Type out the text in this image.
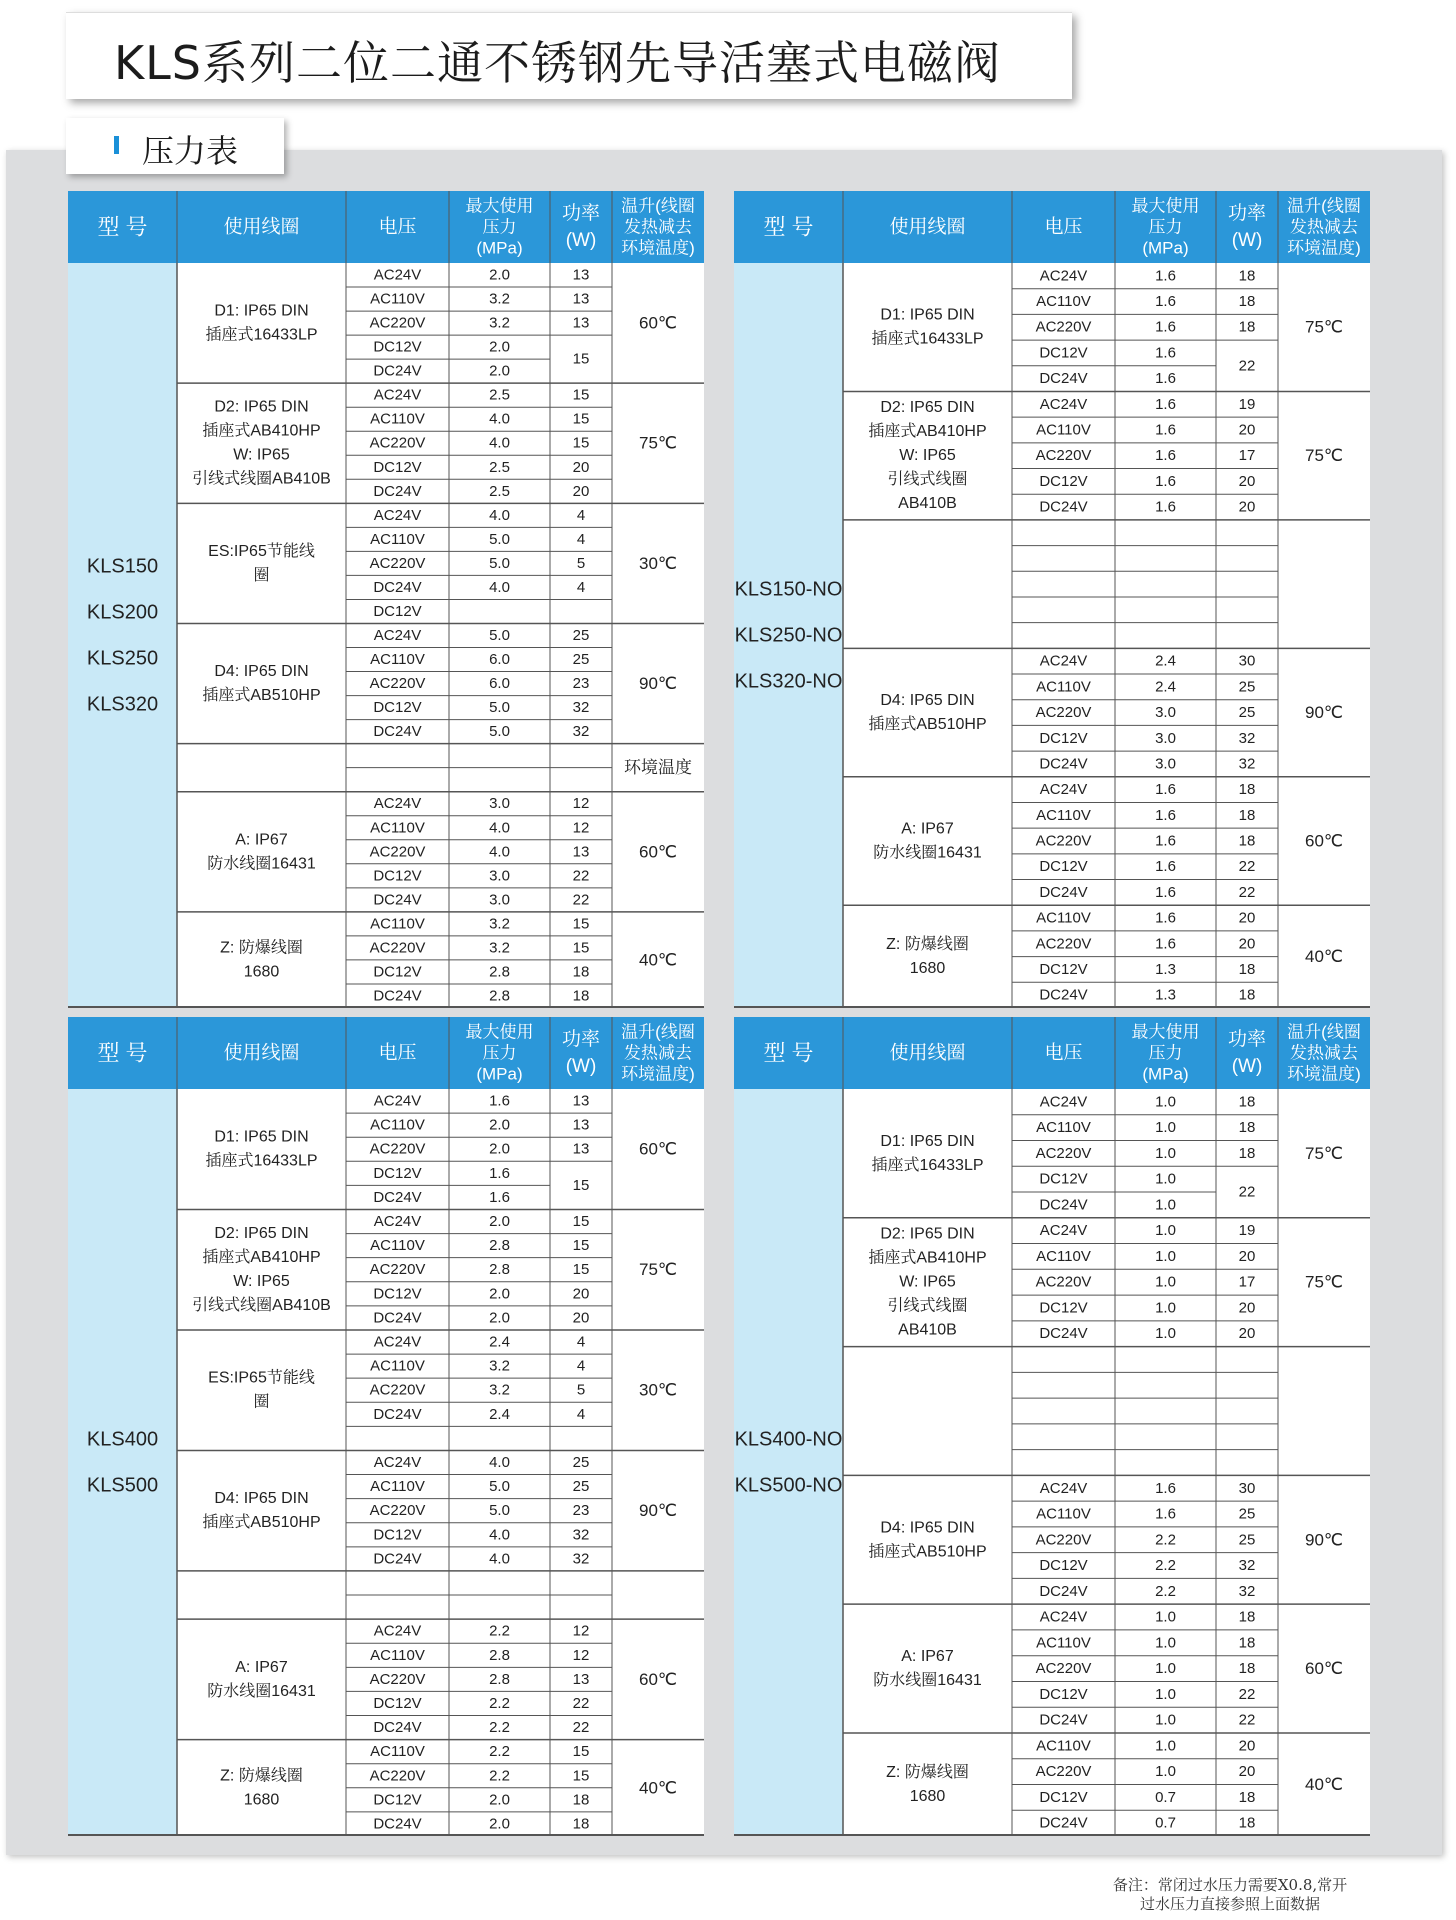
KLS系列二位二通不锈钢先导活塞式电磁阀
压力表
型 号	使用线圈	电压
最大使用
压力
(MPa)
功率
(W)
温升(线圈
发热减去
环境温度)
KLS150
KLS200
KLS250
KLS320
AC24V	2.0	13
AC110V	3.2	13
AC220V	3.2	13
DC12V	2.0
DC24V	2.0
15
D1: IP65 DIN
插座式16433LP
60℃
AC24V	2.5	15
AC110V	4.0	15
AC220V	4.0	15
DC12V	2.5	20
DC24V	2.5	20
D2: IP65 DIN
插座式AB410HP
W: IP65
引线式线圈AB410B
75℃
AC24V	4.0	4
AC110V	5.0	4
AC220V	5.0	5
DC24V	4.0	4
DC12V
ES:IP65节能线
圈
30℃
AC24V	5.0	25
AC110V	6.0	25
AC220V	6.0	23
DC12V	5.0	32
DC24V	5.0	32
D4: IP65 DIN
插座式AB510HP
90℃
环境温度
AC24V	3.0	12
AC110V	4.0	12
AC220V	4.0	13
DC12V	3.0	22
DC24V	3.0	22
A: IP67
防水线圈16431
60℃
AC110V	3.2	15
AC220V	3.2	15
DC12V	2.8	18
DC24V	2.8	18
Z: 防爆线圈
1680
40℃
型 号	使用线圈	电压
最大使用
压力
(MPa)
功率
(W)
温升(线圈
发热减去
环境温度)
KLS150-NO
KLS250-NO
KLS320-NO
AC24V	1.6	18
AC110V	1.6	18
AC220V	1.6	18
DC12V	1.6
DC24V	1.6
22
D1: IP65 DIN
插座式16433LP
75℃
AC24V	1.6	19
AC110V	1.6	20
AC220V	1.6	17
DC12V	1.6	20
DC24V	1.6	20
D2: IP65 DIN
插座式AB410HP
W: IP65
引线式线圈
AB410B
75℃
AC24V	2.4	30
AC110V	2.4	25
AC220V	3.0	25
DC12V	3.0	32
DC24V	3.0	32
D4: IP65 DIN
插座式AB510HP
90℃
AC24V	1.6	18
AC110V	1.6	18
AC220V	1.6	18
DC12V	1.6	22
DC24V	1.6	22
A: IP67
防水线圈16431
60℃
AC110V	1.6	20
AC220V	1.6	20
DC12V	1.3	18
DC24V	1.3	18
Z: 防爆线圈
1680
40℃
型 号	使用线圈	电压
最大使用
压力
(MPa)
功率
(W)
温升(线圈
发热减去
环境温度)
KLS400
KLS500
AC24V	1.6	13
AC110V	2.0	13
AC220V	2.0	13
DC12V	1.6
DC24V	1.6
15
D1: IP65 DIN
插座式16433LP
60℃
AC24V	2.0	15
AC110V	2.8	15
AC220V	2.8	15
DC12V	2.0	20
DC24V	2.0	20
D2: IP65 DIN
插座式AB410HP
W: IP65
引线式线圈AB410B
75℃
AC24V	2.4	4
AC110V	3.2	4
AC220V	3.2	5
DC24V	2.4	4
ES:IP65节能线
圈
30℃
AC24V	4.0	25
AC110V	5.0	25
AC220V	5.0	23
DC12V	4.0	32
DC24V	4.0	32
D4: IP65 DIN
插座式AB510HP
90℃
AC24V	2.2	12
AC110V	2.8	12
AC220V	2.8	13
DC12V	2.2	22
DC24V	2.2	22
A: IP67
防水线圈16431
60℃
AC110V	2.2	15
AC220V	2.2	15
DC12V	2.0	18
DC24V	2.0	18
Z: 防爆线圈
1680
40℃
型 号	使用线圈	电压
最大使用
压力
(MPa)
功率
(W)
温升(线圈
发热减去
环境温度)
KLS400-NO
KLS500-NO
AC24V	1.0	18
AC110V	1.0	18
AC220V	1.0	18
DC12V	1.0
DC24V	1.0
22
D1: IP65 DIN
插座式16433LP
75℃
AC24V	1.0	19
AC110V	1.0	20
AC220V	1.0	17
DC12V	1.0	20
DC24V	1.0	20
D2: IP65 DIN
插座式AB410HP
W: IP65
引线式线圈
AB410B
75℃
AC24V	1.6	30
AC110V	1.6	25
AC220V	2.2	25
DC12V	2.2	32
DC24V	2.2	32
D4: IP65 DIN
插座式AB510HP
90℃
AC24V	1.0	18
AC110V	1.0	18
AC220V	1.0	18
DC12V	1.0	22
DC24V	1.0	22
A: IP67
防水线圈16431
60℃
AC110V	1.0	20
AC220V	1.0	20
DC12V	0.7	18
DC24V	0.7	18
Z: 防爆线圈
1680
40℃
备注：常闭过水压力需要X0.8,常开
过水压力直接参照上面数据
